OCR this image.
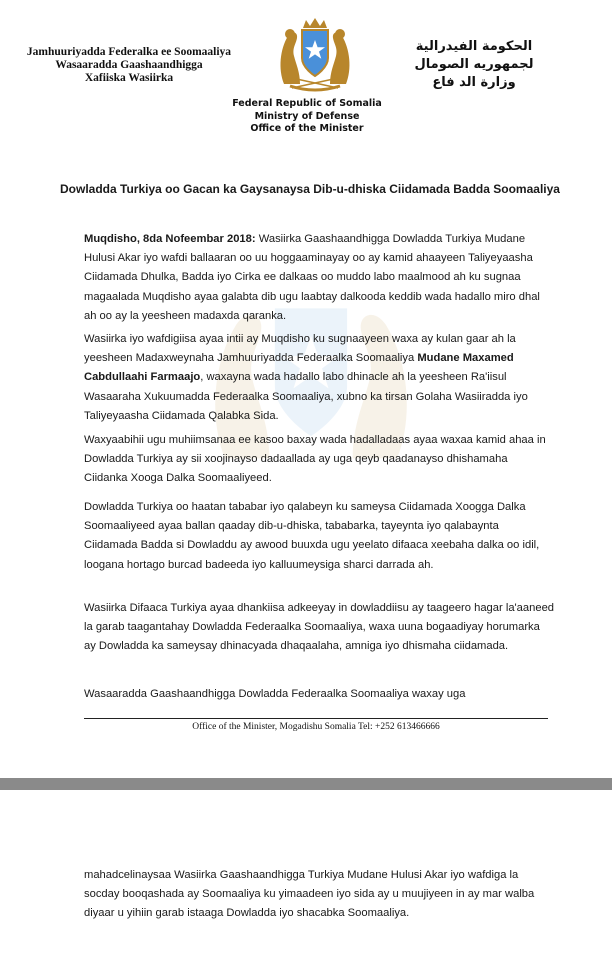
Jamhuuriyadda Federalka ee Soomaaliya
Wasaaradda Gaashaandhigga
Xafiiska Wasiirka
الحكومة الفيدرالية
لجمهوريه الصومال
وزارة الد فاع
Federal Republic of Somalia
Ministry of Defense
Office of the Minister
Dowladda Turkiya oo Gacan ka Gaysanaysa Dib-u-dhiska Ciidamada Badda Soomaaliya

Muqdisho, 8da Nofeembar 2018: Wasiirka Gaashaandhigga Dowladda Turkiya Mudane Hulusi Akar iyo wafdi ballaaran oo uu hoggaaminayay oo ay kamid ahaayeen Taliyeyaasha Ciidamada Dhulka, Badda iyo Cirka ee dalkaas oo muddo labo maalmood ah ku sugnaa magaalada Muqdisho ayaa galabta dib ugu laabtay dalkooda keddib wada hadallo miro dhal ah oo ay la yeesheen madaxda qaranka.

Wasiirka iyo wafdigiisa ayaa intii ay Muqdisho ku sugnaayeen waxa ay kulan gaar ah la yeesheen Madaxweynaha Jamhuuriyadda Federaalka Soomaaliya Mudane Maxamed Cabdullaahi Farmaajo, waxayna wada hadallo labo dhinacle ah la yeesheen Ra'iisul Wasaaraha Xukuumadda Federaalka Soomaaliya, xubno ka tirsan Golaha Wasiiradda iyo Taliyeyaasha Ciidamada Qalabka Sida.

Waxyaabihii ugu muhiimsanaa ee kasoo baxay wada hadalladaas ayaa waxaa kamid ahaa in Dowladda Turkiya ay sii xoojinayso dadaallada ay uga qeyb qaadanayso dhishamaha Ciidanka Xooga Dalka Soomaaliyeed.

Dowladda Turkiya oo haatan tababar iyo qalabeyn ku sameysa Ciidamada Xoogga Dalka Soomaaliyeed ayaa ballan qaaday dib-u-dhiska, tababarka, tayeynta iyo qalabaynta Ciidamada Badda si Dowladdu ay awood buuxda ugu yeelato difaaca xeebaha dalka oo idil, loogana hortago burcad badeeda iyo kalluumeysiga sharci darrada ah.

Wasiirka Difaaca Turkiya ayaa dhankiisa adkeeyay in dowladdiisu ay taageero hagar la'aaneed la garab taagantahay Dowladda Federaalka Soomaaliya, waxa uuna bogaadiyay horumarka ay Dowladda ka sameysay dhinacyada dhaqaalaha, amniga iyo dhismaha ciidamada.

Wasaaradda Gaashaandhigga Dowladda Federaalka Soomaaliya waxay uga

Office of the Minister, Mogadishu Somalia Tel: +252 613466666

mahadcelinaysaa Wasiirka Gaashaandhigga Turkiya Mudane Hulusi Akar iyo wafdiga la socday booqashada ay Soomaaliya ku yimaadeen iyo sida ay u muujiyeen in ay mar walba diyaar u yihiin garab istaaga Dowladda iyo shacabka Soomaaliya.
